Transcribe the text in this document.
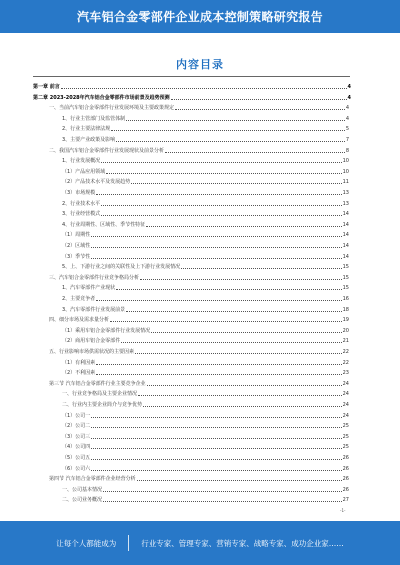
汽车铝合金零部件企业成本控制策略研究报告
内容目录
第一章 前言	4
第二章 2023-2028年汽车铝合金零部件市场前景及趋势预测	4
一、当前汽车铝合金零部件行业发展环境及主要政策规定	4
1、行业主管部门及监管体制	4
2、行业主要法律法规	5
3、主要产业政策及影响	7
二、我国汽车铝合金零部件行业发展现状及前景分析	8
1、行业发展概况	10
（1）产品应用领域	10
（2）产品技术水平及发展趋势	11
（3）市场规模	13
2、行业技术水平	13
3、行业经营模式	14
4、行业周期性、区域性、季节性特征	14
（1）周期性	14
（2）区域性	14
（3）季节性	14
5、上、下游行业之间的关联性及上下游行业发展情况	15
三、汽车铝合金零部件行业竞争格局分析	15
1、汽车零部件产业现状	15
2、主要竞争者	16
3、汽车零部件行业发展前景	18
四、细分市场及需求量分析	19
（1）乘用车铝合金零部件行业发展情况	20
（2）商用车铝合金零部件	21
五、行业影响市场供需状况的主要因素	22
（1）有利因素	22
（2）不利因素	23
第三节 汽车铝合金零部件行业主要竞争企业	24
一、行业竞争格局及主要企业情况	24
二、行业内主要企业简介与竞争优势	24
（1）公司一	24
（2）公司二	25
（3）公司三	25
（4）公司四	25
（5）公司五	26
（6）公司六	26
第四节 汽车铝合金零部件企业经营分析	26
一、公司基本情况	26
二、公司业务概况	27
-1-
让每个人都能成为	行业专家、管理专家、营销专家、战略专家、成功企业家……
